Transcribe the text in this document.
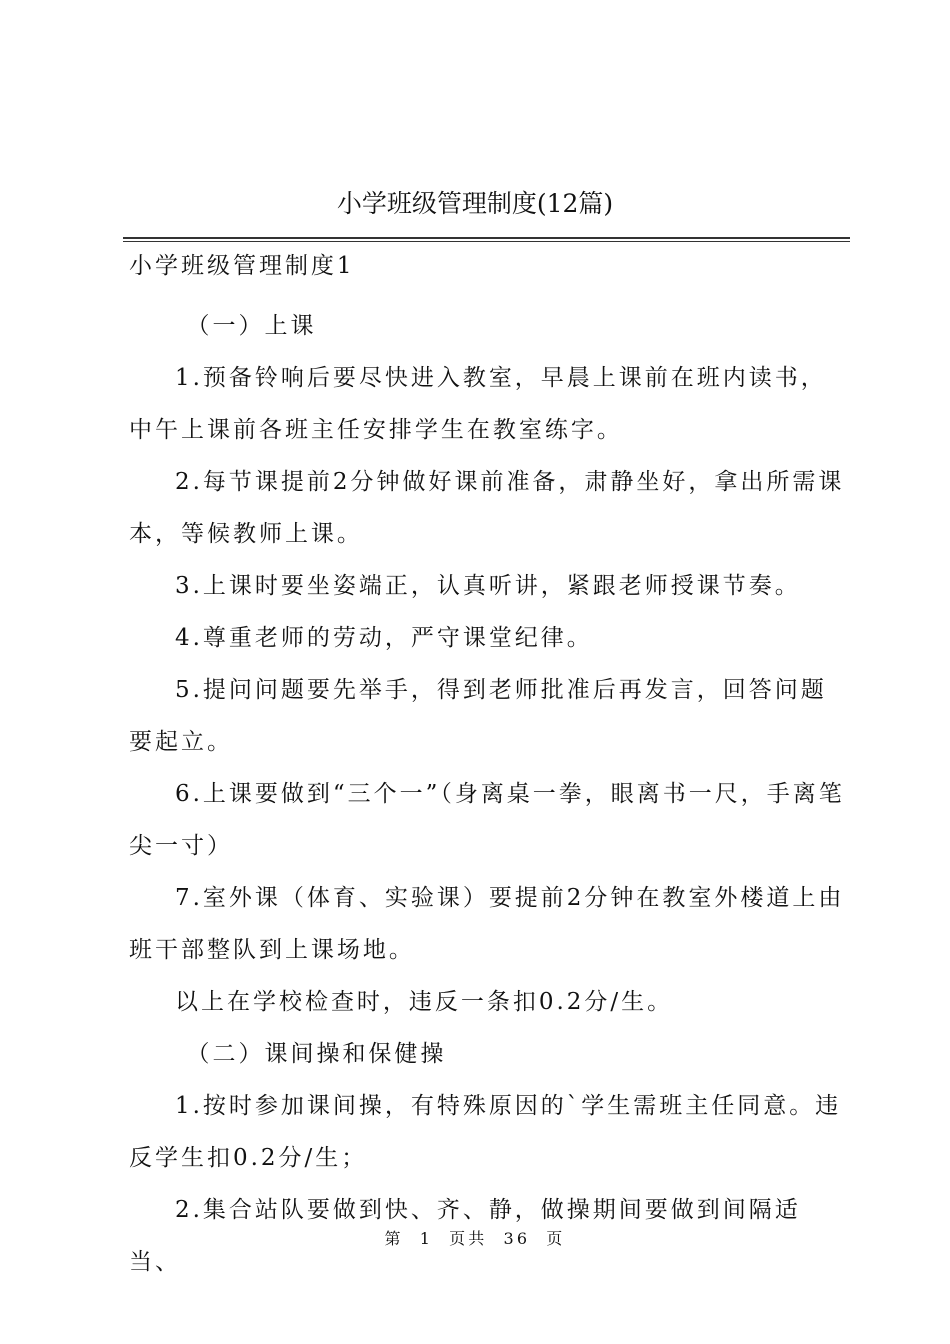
小学班级管理制度(12篇)
小学班级管理制度1
（一）上课
1.预备铃响后要尽快进入教室，早晨上课前在班内读书，中午上课前各班主任安排学生在教室练字。
2.每节课提前2分钟做好课前准备，肃静坐好，拿出所需课本，等候教师上课。
3.上课时要坐姿端正，认真听讲，紧跟老师授课节奏。
4.尊重老师的劳动，严守课堂纪律。
5.提问问题要先举手，得到老师批准后再发言，回答问题要起立。
6.上课要做到“三个一”（身离桌一拳，眼离书一尺，手离笔尖一寸）
7.室外课（体育、实验课）要提前2分钟在教室外楼道上由班干部整队到上课场地。
以上在学校检查时，违反一条扣0.2分/生。
（二）课间操和保健操
1.按时参加课间操，有特殊原因的`学生需班主任同意。违反学生扣0.2分/生；
2.集合站队要做到快、齐、静，做操期间要做到间隔适当、
第 1 页共 36 页
